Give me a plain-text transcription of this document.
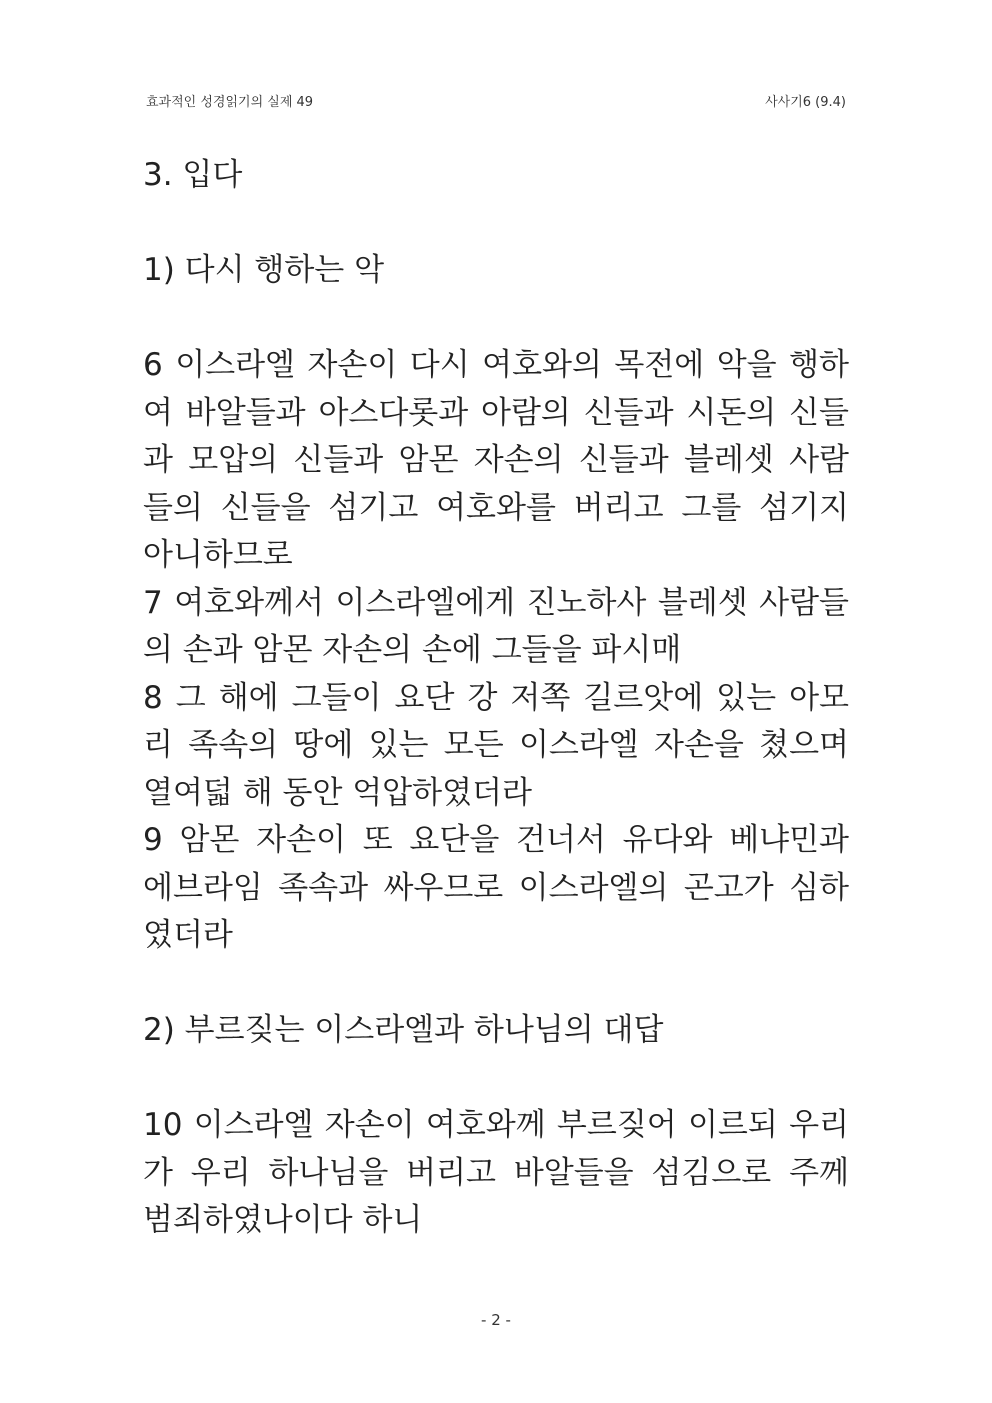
효과적인 성경읽기의 실제 49	사사기6 (9.4)
3. 입다
1) 다시 행하는 악
6 이스라엘 자손이 다시 여호와의 목전에 악을 행하
여 바알들과 아스다롯과 아람의 신들과 시돈의 신들
과 모압의 신들과 암몬 자손의 신들과 블레셋 사람
들의 신들을 섬기고 여호와를 버리고 그를 섬기지
아니하므로
7 여호와께서 이스라엘에게 진노하사 블레셋 사람들
의 손과 암몬 자손의 손에 그들을 파시매
8 그 해에 그들이 요단 강 저쪽 길르앗에 있는 아모
리 족속의 땅에 있는 모든 이스라엘 자손을 쳤으며
열여덟 해 동안 억압하였더라
9 암몬 자손이 또 요단을 건너서 유다와 베냐민과
에브라임 족속과 싸우므로 이스라엘의 곤고가 심하
였더라
2) 부르짖는 이스라엘과 하나님의 대답
10 이스라엘 자손이 여호와께 부르짖어 이르되 우리
가 우리 하나님을 버리고 바알들을 섬김으로 주께
범죄하였나이다 하니
- 2 -
